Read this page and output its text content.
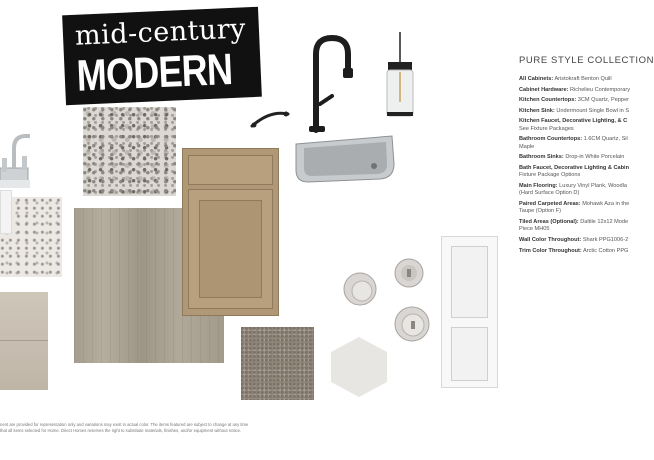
mid-century
MODERN	PURE STYLE COLLECTION
All Cabinets: Aristokraft Benton Quill
Cabinet Hardware: Richelieu Contemporary
Kitchen Countertops: 3CM Quartz, Pepper
Kitchen Sink: Undermount Single Bowl in S
Kitchen Faucet, Decorative Lighting, & C
See Fixture Packages
Bathroom Countertops: 1.6CM Quartz, Sil
Maple
Bathroom Sinks: Drop-in White Porcelain
Bath Faucet, Decorative Lighting & Cabin
Fixture Package Options
Main Flooring: Luxury Vinyl Plank, Woodla
(Hard Surface Option D)
Paired Carpeted Areas: Mohawk Aza in the
Taupe (Option F)
Tiled Areas (Optional): Daltile 12x12 Mode
Piece MH05
Wall Color Throughout: Shark PPG1006-2
Trim Color Throughout: Arctic Cotton PPG
nent are provided for representation only and variations may exist in actual color. The items featured are subject to change at any time
that all items selected for Home. Direct Homes reserves the right to substitute materials, finishes, and/or equipment without notice.
